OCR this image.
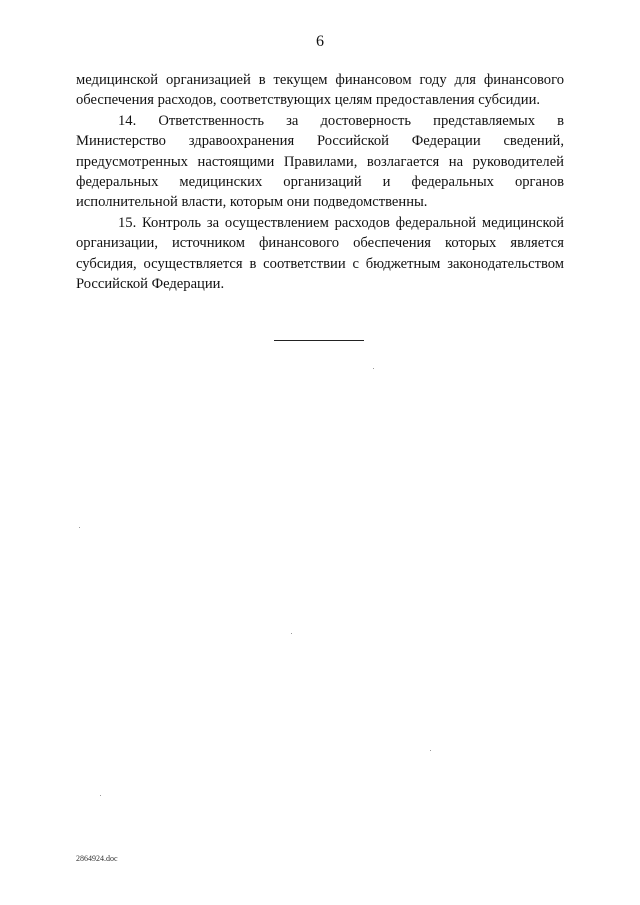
6

медицинской организацией в текущем финансовом году для финансового обеспечения расходов, соответствующих целям предоставления субсидии.

14. Ответственность за достоверность представляемых в Министерство здравоохранения Российской Федерации сведений, предусмотренных настоящими Правилами, возлагается на руководителей федеральных медицинских организаций и федеральных органов исполнительной власти, которым они подведомственны.

15. Контроль за осуществлением расходов федеральной медицинской организации, источником финансового обеспечения которых является субсидия, осуществляется в соответствии с бюджетным законодательством Российской Федерации.

2864924.doc
